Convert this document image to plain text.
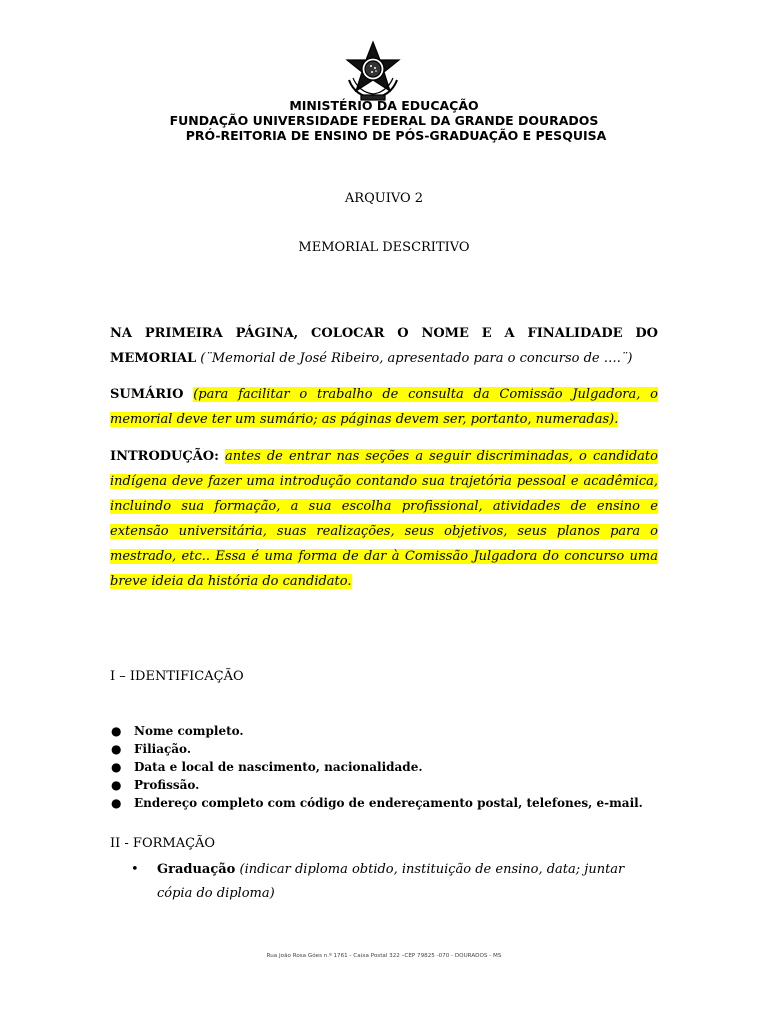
MINISTÉRIO DA EDUCAÇÃO
FUNDAÇÃO UNIVERSIDADE FEDERAL DA GRANDE DOURADOS
PRÓ-REITORIA DE ENSINO DE PÓS-GRADUAÇÃO E PESQUISA
ARQUIVO 2
MEMORIAL DESCRITIVO
NA PRIMEIRA PÁGINA, COLOCAR O NOME E A FINALIDADE DO MEMORIAL (¨Memorial de José Ribeiro, apresentado para o concurso de ….¨)
SUMÁRIO (para facilitar o trabalho de consulta da Comissão Julgadora, o memorial deve ter um sumário; as páginas devem ser, portanto, numeradas).
INTRODUÇÃO: antes de entrar nas seções a seguir discriminadas, o candidato indígena deve fazer uma introdução contando sua trajetória pessoal e acadêmica, incluindo sua formação, a sua escolha profissional, atividades de ensino e extensão universitária, suas realizações, seus objetivos, seus planos para o mestrado, etc.. Essa é uma forma de dar à Comissão Julgadora do concurso uma breve ideia da história do candidato.
I – IDENTIFICAÇÃO
● Nome completo.
● Filiação.
● Data e local de nascimento, nacionalidade.
● Profissão.
● Endereço completo com código de endereçamento postal, telefones, e-mail.
II - FORMAÇÃO
•	Graduação (indicar diploma obtido, instituição de ensino, data; juntar cópia do diploma)
Rua João Rosa Góes n.º 1761 - Caixa Postal 322 –CEP 79825 -070 - DOURADOS - MS
